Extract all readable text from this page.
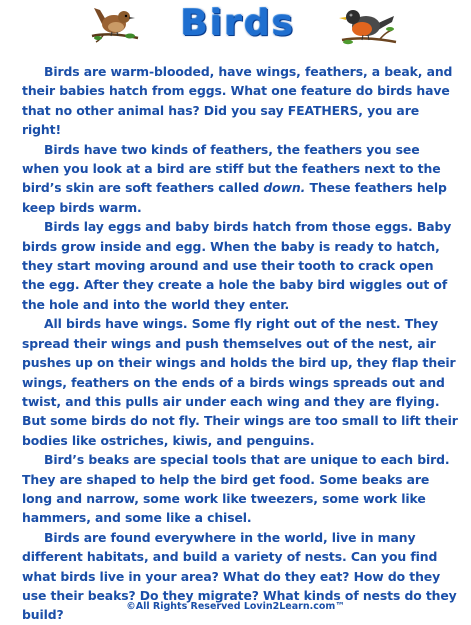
Birds

Birds are warm-blooded, have wings, feathers, a beak, and their babies hatch from eggs. What one feature do birds have that no other animal has? Did you say FEATHERS, you are right!

Birds have two kinds of feathers, the feathers you see when you look at a bird are stiff but the feathers next to the bird’s skin are soft feathers called down. These feathers help keep birds warm.

Birds lay eggs and baby birds hatch from those eggs. Baby birds grow inside and egg. When the baby is ready to hatch, they start moving around and use their tooth to crack open the egg. After they create a hole the baby bird wiggles out of the hole and into the world they enter.

All birds have wings. Some fly right out of the nest. They spread their wings and push themselves out of the nest, air pushes up on their wings and holds the bird up, they flap their wings, feathers on the ends of a birds wings spreads out and twist, and this pulls air under each wing and they are flying. But some birds do not fly. Their wings are too small to lift their bodies like ostriches, kiwis, and penguins.

Bird’s beaks are special tools that are unique to each bird. They are shaped to help the bird get food. Some beaks are long and narrow, some work like tweezers, some work like hammers, and some like a chisel.

Birds are found everywhere in the world, live in many different habitats, and build a variety of nests. Can you find what birds live in your area? What do they eat? How do they use their beaks? Do they migrate? What kinds of nests do they build?

©All Rights Reserved Lovin2Learn.com™
